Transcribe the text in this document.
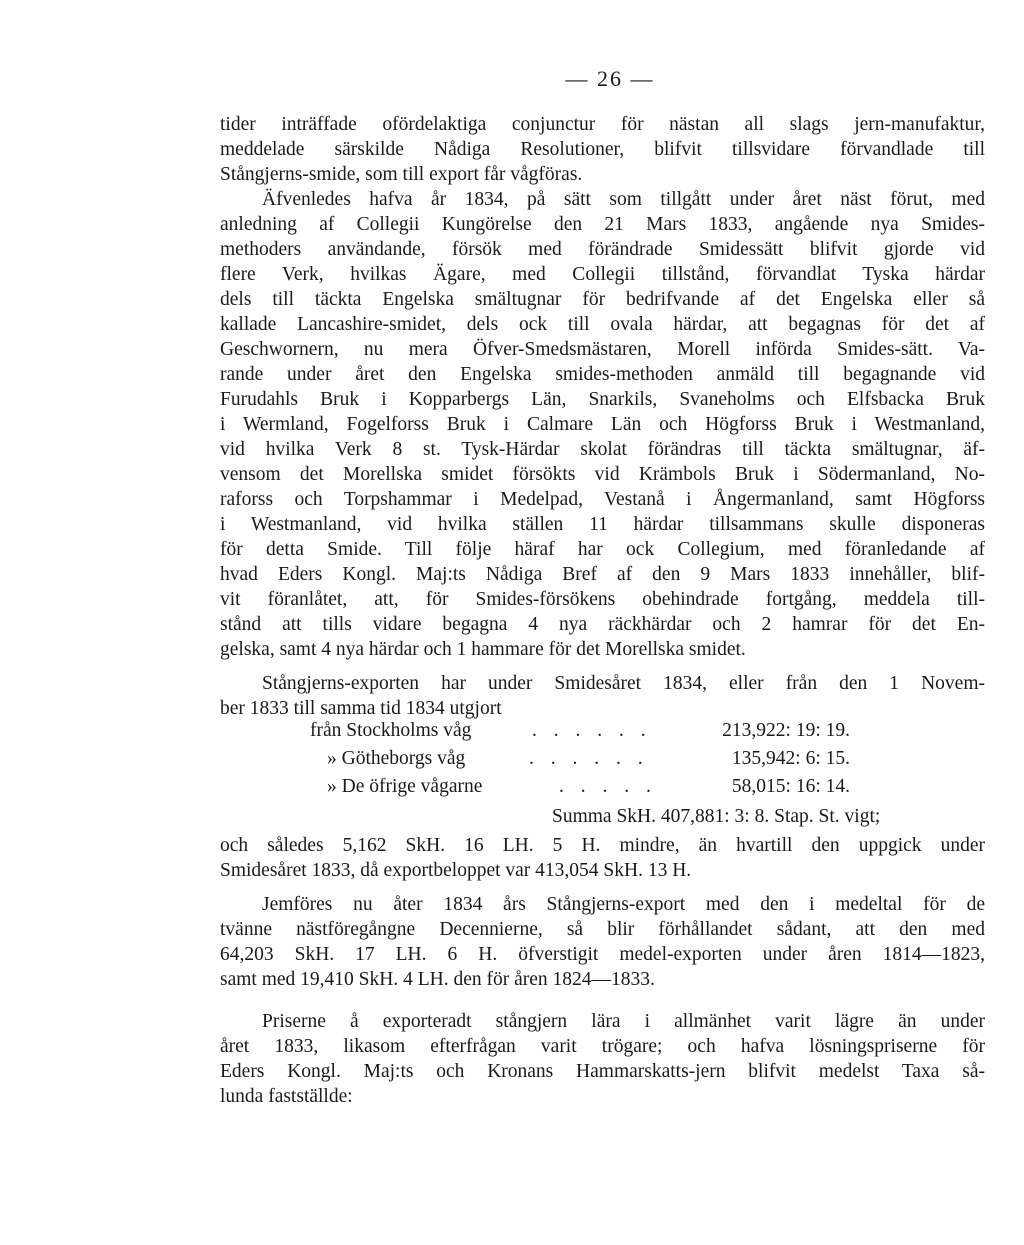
— 26 —
tider inträffade ofördelaktiga conjunctur för nästan all slags jern-manufaktur,
meddelade särskilde Nådiga Resolutioner, blifvit tillsvidare förvandlade till
Stångjerns-smide, som till export får vågföras.
Äfvenledes hafva år 1834, på sätt som tillgått under året näst förut, med
anledning af Collegii Kungörelse den 21 Mars 1833, angående nya Smides-
methoders användande, försök med förändrade Smidessätt blifvit gjorde vid
flere Verk, hvilkas Ägare, med Collegii tillstånd, förvandlat Tyska härdar
dels till täckta Engelska smältugnar för bedrifvande af det Engelska eller så
kallade Lancashire-smidet, dels ock till ovala härdar, att begagnas för det af
Geschwornern, nu mera Öfver-Smedsmästaren, Morell införda Smides-sätt. Va-
rande under året den Engelska smides-methoden anmäld till begagnande vid
Furudahls Bruk i Kopparbergs Län, Snarkils, Svaneholms och Elfsbacka Bruk
i Wermland, Fogelforss Bruk i Calmare Län och Högforss Bruk i Westmanland,
vid hvilka Verk 8 st. Tysk-Härdar skolat förändras till täckta smältugnar, äf-
vensom det Morellska smidet försökts vid Krämbols Bruk i Södermanland, No-
raforss och Torpshammar i Medelpad, Vestanå i Ångermanland, samt Högforss
i Westmanland, vid hvilka ställen 11 härdar tillsammans skulle disponeras
för detta Smide. Till följe häraf har ock Collegium, med föranledande af
hvad Eders Kongl. Maj:ts Nådiga Bref af den 9 Mars 1833 innehåller, blif-
vit föranlåtet, att, för Smides-försökens obehindrade fortgång, meddela till-
stånd att tills vidare begagna 4 nya räckhärdar och 2 hamrar för det En-
gelska, samt 4 nya härdar och 1 hammare för det Morellska smidet.
Stångjerns-exporten har under Smidesåret 1834, eller från den 1 Novem-
ber 1833 till samma tid 1834 utgjort
från Stockholms våg	. . . . . .	213,922: 19: 19.
» Götheborgs våg	. . . . . .	135,942: 6: 15.
» De öfrige vågarne	. . . . .	58,015: 16: 14.
Summa SkH. 407,881: 3: 8. Stap. St. vigt;
och således 5,162 SkH. 16 LH. 5 H. mindre, än hvartill den uppgick under
Smidesåret 1833, då exportbeloppet var 413,054 SkH. 13 H.
Jemföres nu åter 1834 års Stångjerns-export med den i medeltal för de
tvänne nästföregångne Decennierne, så blir förhållandet sådant, att den med
64,203 SkH. 17 LH. 6 H. öfverstigit medel-exporten under åren 1814—1823,
samt med 19,410 SkH. 4 LH. den för åren 1824—1833.
Priserne å exporteradt stångjern lära i allmänhet varit lägre än under
året 1833, likasom efterfrågan varit trögare; och hafva lösningspriserne för
Eders Kongl. Maj:ts och Kronans Hammarskatts-jern blifvit medelst Taxa så-
lunda fastställde:
